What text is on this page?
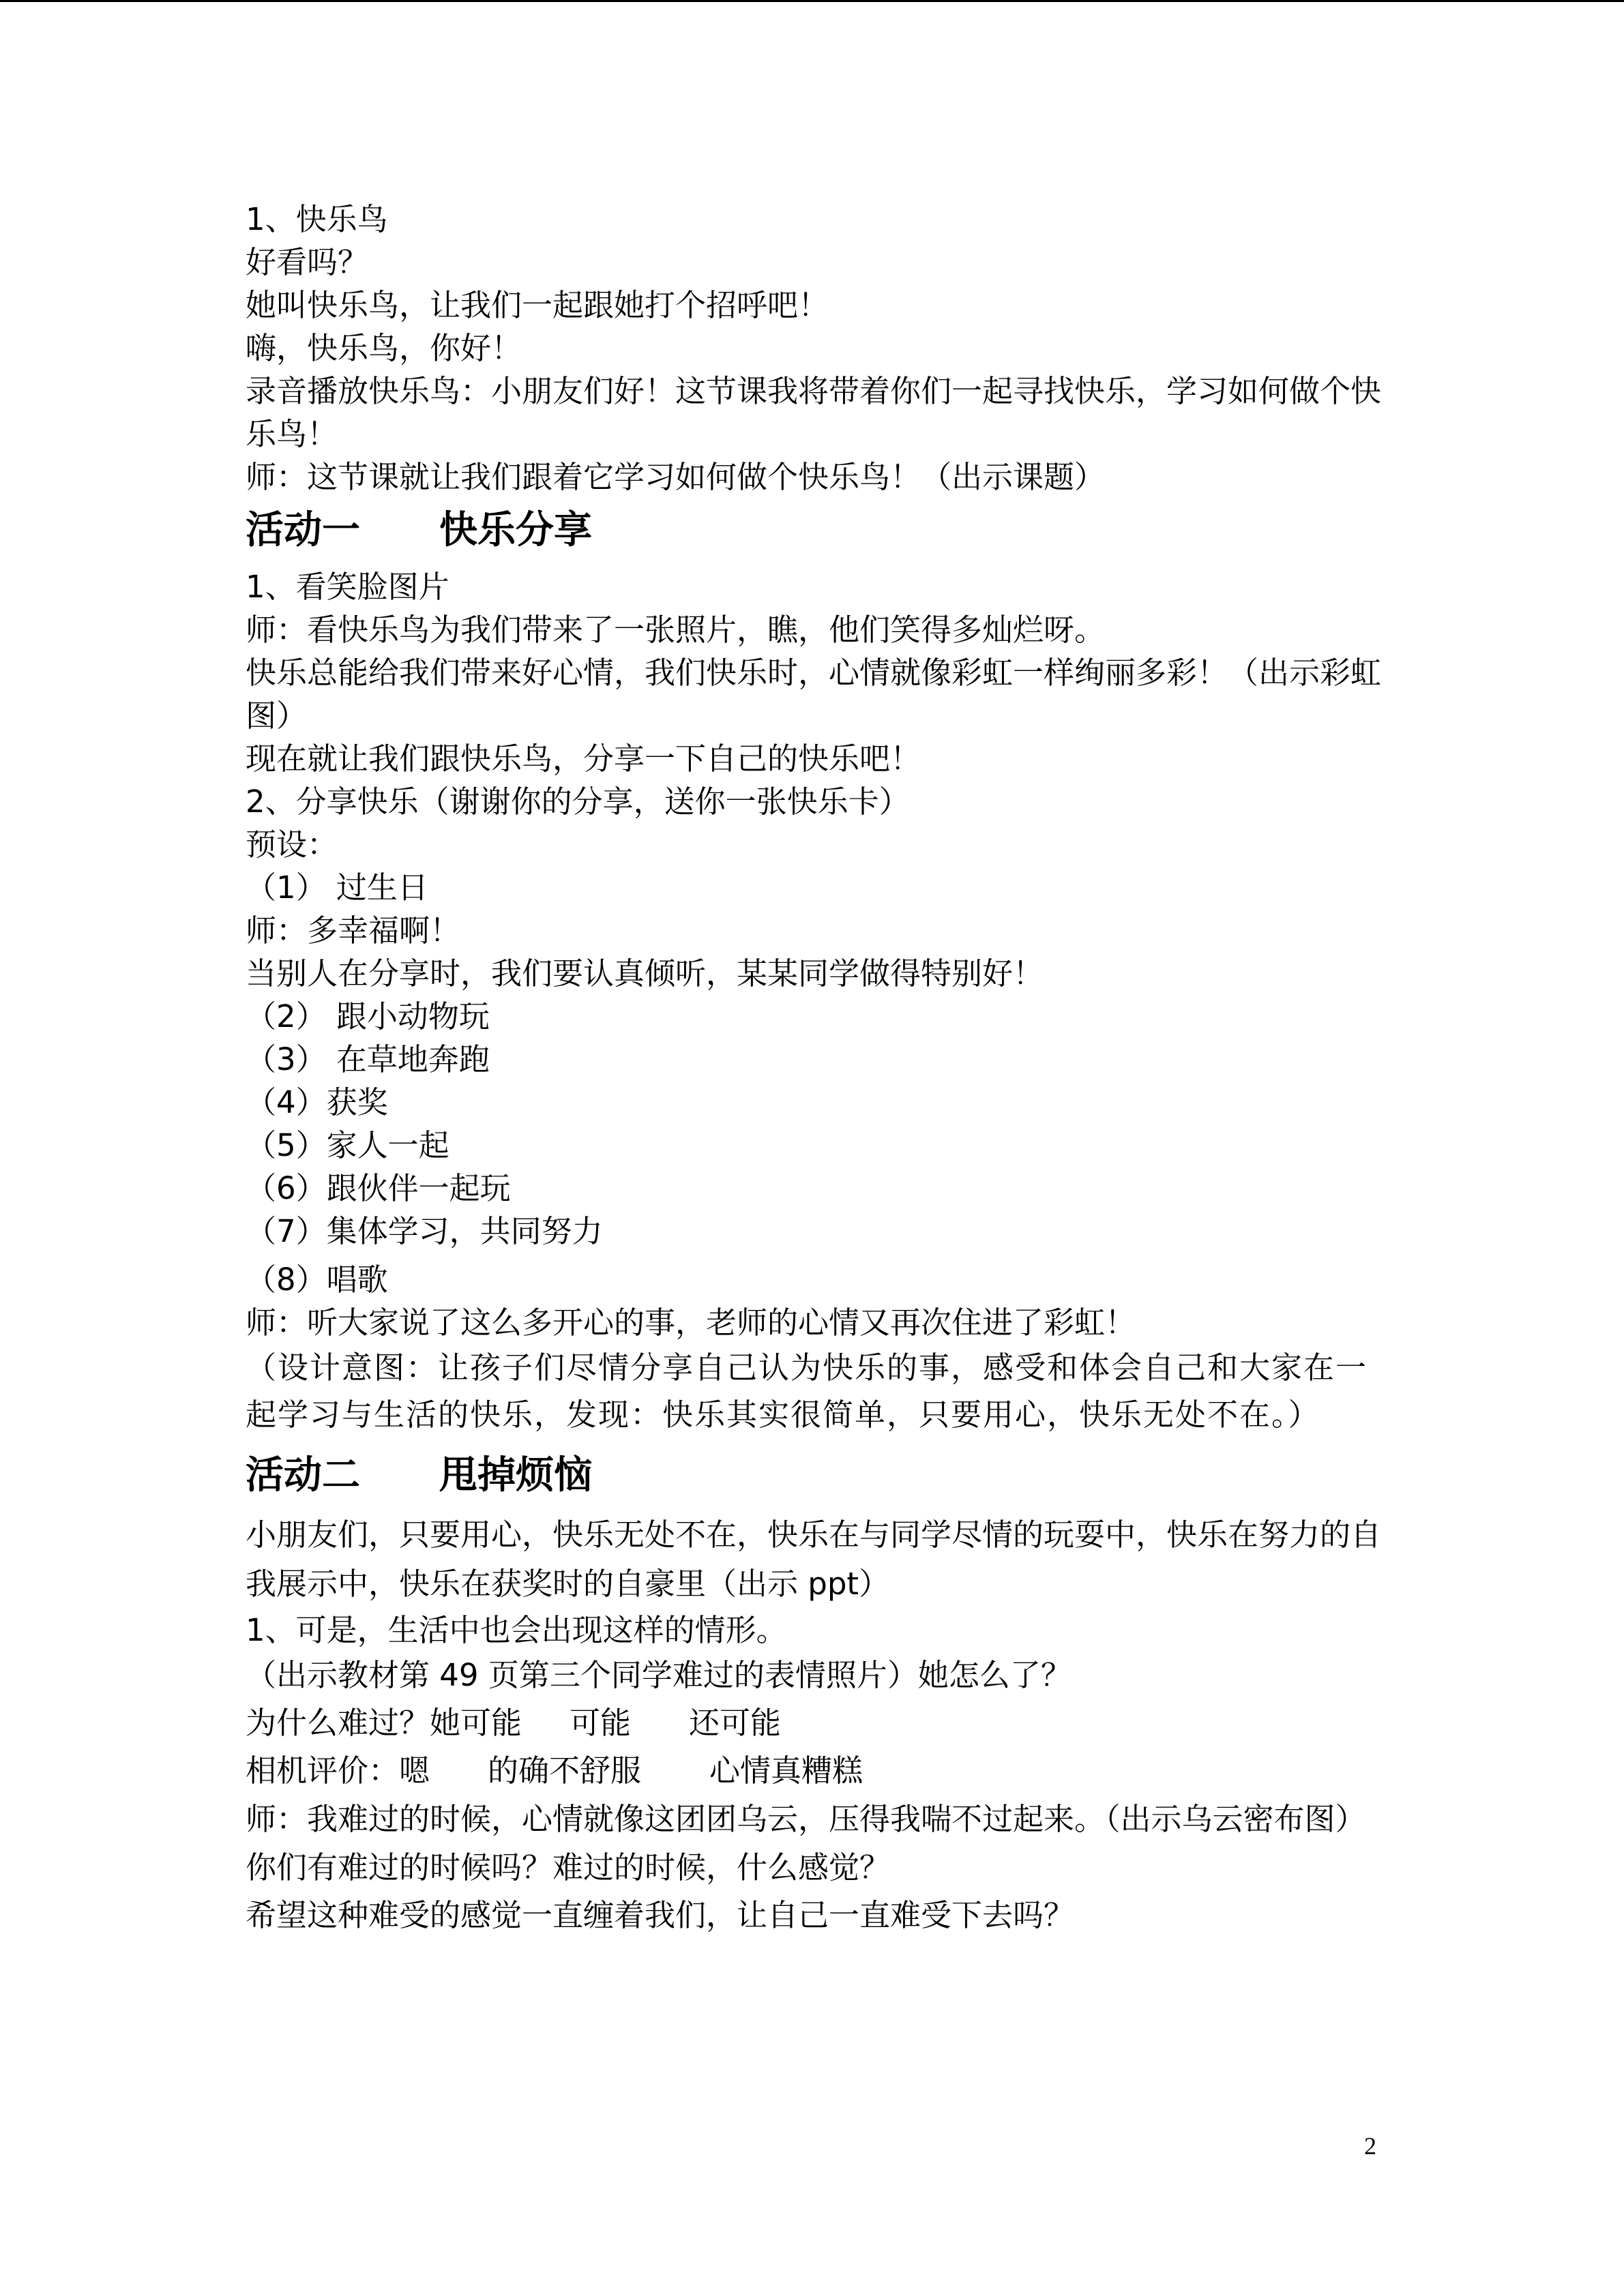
1、快乐鸟
好看吗？
她叫快乐鸟，让我们一起跟她打个招呼吧！
嗨，快乐鸟，你好！
录音播放快乐鸟：小朋友们好！这节课我将带着你们一起寻找快乐，学习如何做个快乐鸟！
师：这节课就让我们跟着它学习如何做个快乐鸟！（出示课题）
活动一 快乐分享
1、看笑脸图片
师：看快乐鸟为我们带来了一张照片，瞧，他们笑得多灿烂呀。
快乐总能给我们带来好心情，我们快乐时，心情就像彩虹一样绚丽多彩！（出示彩虹图）
现在就让我们跟快乐鸟，分享一下自己的快乐吧！
2、分享快乐（谢谢你的分享，送你一张快乐卡）
预设：
（1） 过生日
师：多幸福啊！
当别人在分享时，我们要认真倾听，某某同学做得特别好！
（2） 跟小动物玩
（3） 在草地奔跑
（4）获奖
（5）家人一起
（6）跟伙伴一起玩
（7）集体学习，共同努力
（8）唱歌
师：听大家说了这么多开心的事，老师的心情又再次住进了彩虹！
（设计意图：让孩子们尽情分享自己认为快乐的事，感受和体会自己和大家在一起学习与生活的快乐，发现：快乐其实很简单，只要用心，快乐无处不在。）
活动二 甩掉烦恼
小朋友们，只要用心，快乐无处不在，快乐在与同学尽情的玩耍中，快乐在努力的自我展示中，快乐在获奖时的自豪里（出示 ppt）
1、可是，生活中也会出现这样的情形。
（出示教材第 49 页第三个同学难过的表情照片）她怎么了？
为什么难过？她可能 可能 还可能
相机评价：嗯 的确不舒服 心情真糟糕
师：我难过的时候，心情就像这团团乌云，压得我喘不过起来。（出示乌云密布图）
你们有难过的时候吗？难过的时候，什么感觉？
希望这种难受的感觉一直缠着我们，让自己一直难受下去吗？
2
